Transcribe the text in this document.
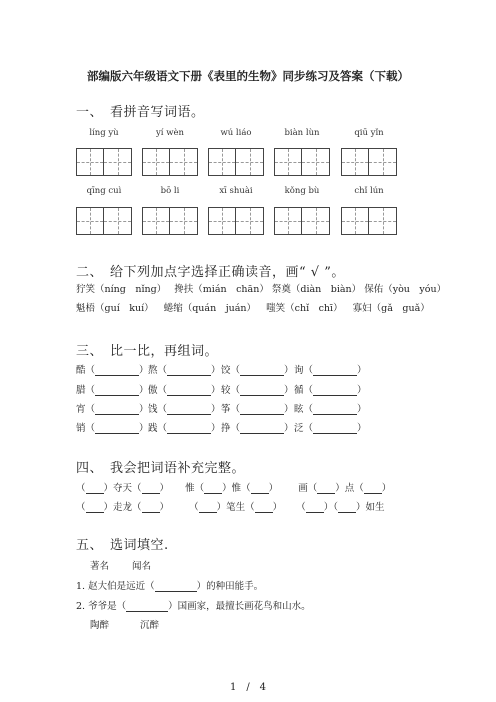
部编版六年级语文下册《表里的生物》同步练习及答案（下载）
一、　看拼音写词语。
líng yù	yí wèn	wú liáo	biàn lùn	qiū yǐn
qīng cuì	bō li	xī shuài	kǒng bù	chǐ lún
二、　给下列加点字选择正确读音，画“ √ ”。
狞笑（níng　nǐng） 搀扶（mián　chān） 祭奠（diàn　biàn） 保佑（yòu　yóu）
魁梧（guí　kuí） 蜷缩（quán　juán） 嗤笑（chǐ　chī） 寡妇（gǎ　guǎ）
三、　比一比，再组词。
酷（	） 熬（	） 饺（	） 询（	）
腊（	） 傲（	） 较（	） 循（	）
宵（	） 饯（	） 筝（	） 眩（	）
销（	） 践（	） 挣（	） 泛（	）
四、　我会把词语补充完整。
（ ）夺天（ ） 惟（ ）惟（ ） 画（ ）点（ ）
（ ）走龙（ ） （ ）笔生（ ） （ ）（ ）如生
五、　选词填空.
著名 闻名
1. 赵大伯是远近（	）的种田能手。
2. 爷爷是（	）国画家，最擅长画花鸟和山水。
陶醉	沉醉
1　/　4
